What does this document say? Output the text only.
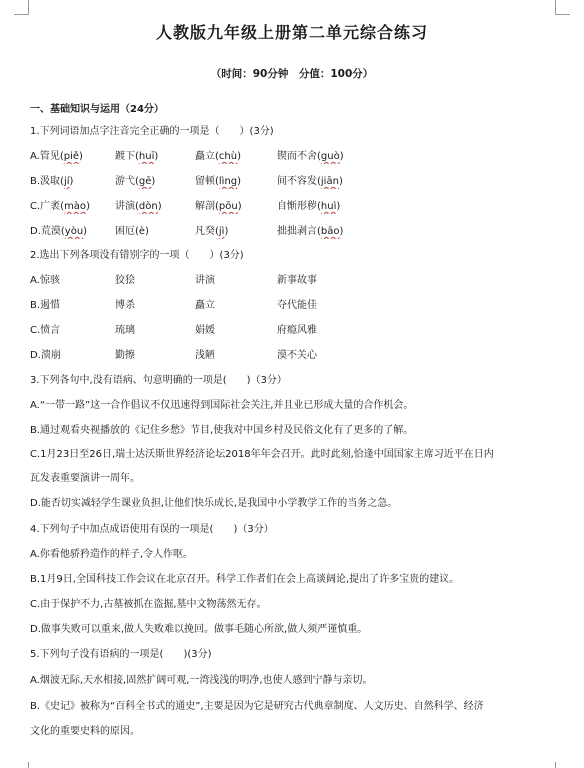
人教版九年级上册第二单元综合练习
（时间：90分钟　分值：100分）
一、基础知识与运用（24分）
1.下列词语加点字注音完全正确的一项是（　　）(3分)
A.管见(piě)	踱下(huī)	矗立(chù)	锲而不舍(guò)
B.汲取(jí)	游弋(gē)	留顿(lìng)	间不容发(jiān)
C.广袤(mào)	讲演(dòn)	解剖(pōu)	自惭形秽(huì)
D.荒漠(yòu)	困厄(è)	凡癸(jì)	拙拙剥言(bāo)
2.选出下列各项没有错别字的一项（　　）(3分)
A.惊骇	狡狯	讲演	新事故事
B.遏惜	博杀	矗立	夺代能佳
C.愤言	琉璃	娟媛	府瘾风雅
D.溃崩	勤擦	浅陋	漠不关心
3.下列各句中,没有语病、句意明确的一项是(　　)（3分）
A.“一带一路”这一合作倡议不仅迅速得到国际社会关注,并且业已形成大量的合作机会。
B.通过观看央视播放的《记住乡愁》节目,使我对中国乡村及民俗文化有了更多的了解。
C.1月23日至26日,瑞士达沃斯世界经济论坛2018年年会召开。此时此刻,恰逢中国国家主席习近平在日内
瓦发表重要演讲一周年。
D.能否切实减轻学生课业负担,让他们快乐成长,是我国中小学教学工作的当务之急。
4.下列句子中加点成语使用有误的一项是(　　)（3分）
A.你看他骄矜造作的样子,令人作呕。
B.1月9日,全国科技工作会议在北京召开。科学工作者们在会上高谈阔论,提出了许多宝贵的建议。
C.由于保护不力,古墓被抓在盗掘,墓中文物荡然无存。
D.做事失败可以重来,做人失败难以挽回。做事毛随心所欲,做人须严谨慎重。
5.下列句子没有语病的一项是(　　)(3分)
A.烟波无际,天水相接,固然扩阔可观,一湾浅浅的明净,也使人感到宁静与亲切。
B.《史记》被称为“百科全书式的通史”,主要是因为它是研究古代典章制度、人文历史、自然科学、经济
文化的重要史料的原因。
